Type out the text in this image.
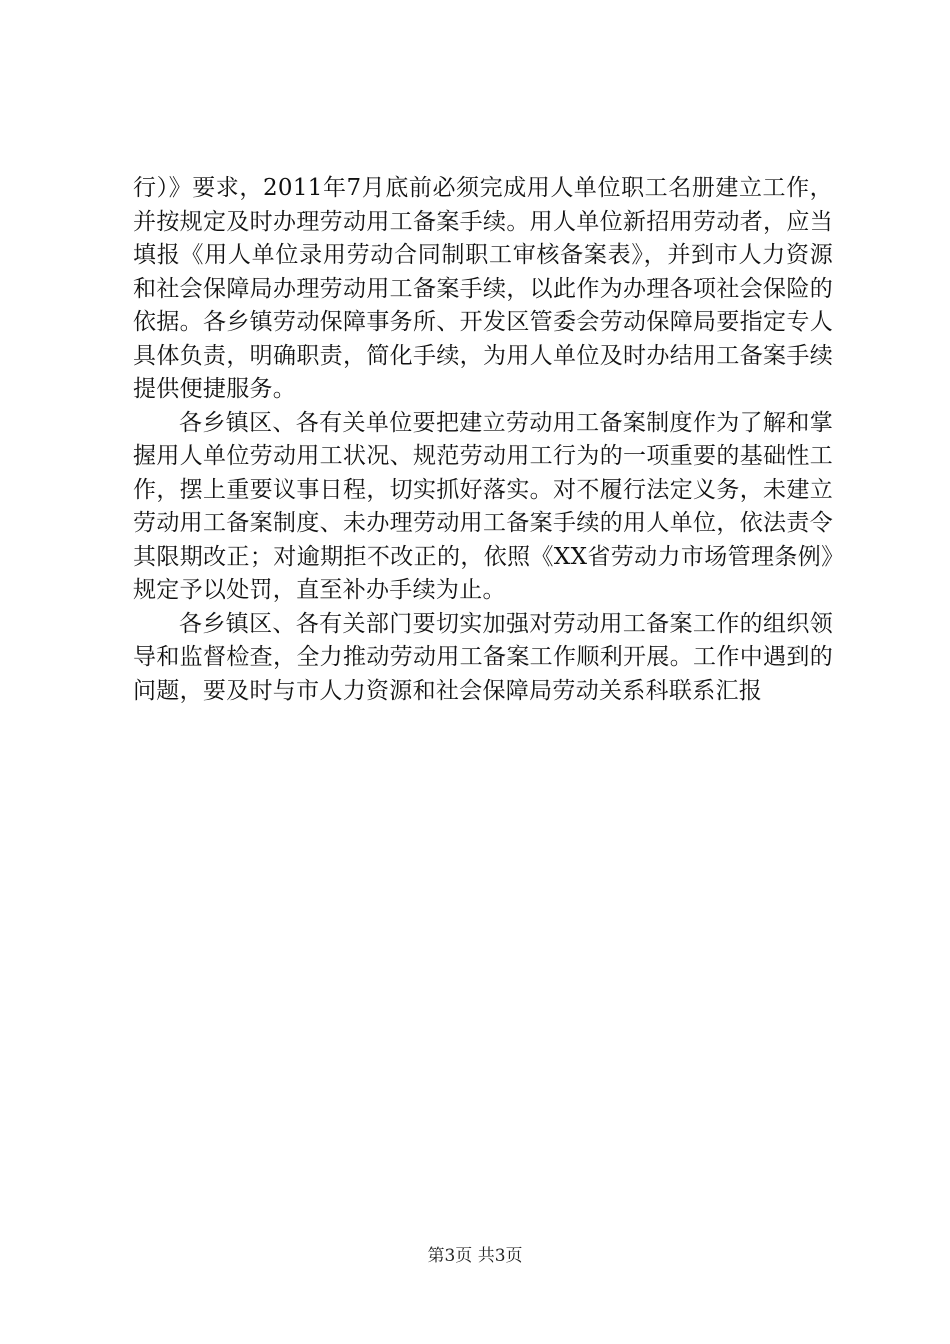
行）》要求，2011年7月底前必须完成用人单位职工名册建立工作，并按规定及时办理劳动用工备案手续。用人单位新招用劳动者，应当填报《用人单位录用劳动合同制职工审核备案表》，并到市人力资源和社会保障局办理劳动用工备案手续，以此作为办理各项社会保险的依据。各乡镇劳动保障事务所、开发区管委会劳动保障局要指定专人具体负责，明确职责，简化手续，为用人单位及时办结用工备案手续提供便捷服务。

各乡镇区、各有关单位要把建立劳动用工备案制度作为了解和掌握用人单位劳动用工状况、规范劳动用工行为的一项重要的基础性工作，摆上重要议事日程，切实抓好落实。对不履行法定义务，未建立劳动用工备案制度、未办理劳动用工备案手续的用人单位，依法责令其限期改正；对逾期拒不改正的，依照《XX省劳动力市场管理条例》规定予以处罚，直至补办手续为止。

各乡镇区、各有关部门要切实加强对劳动用工备案工作的组织领导和监督检查，全力推动劳动用工备案工作顺利开展。工作中遇到的问题，要及时与市人力资源和社会保障局劳动关系科联系汇报

第3页 共3页
